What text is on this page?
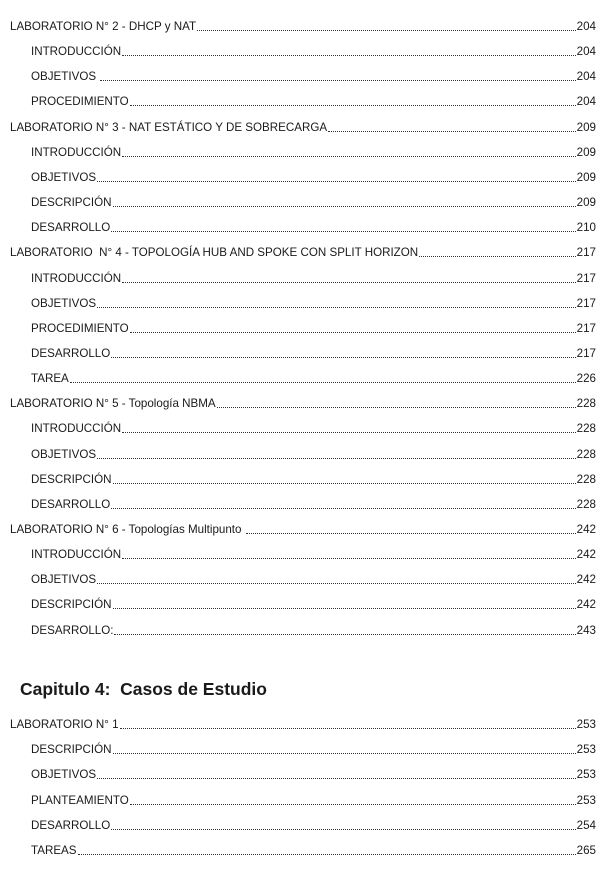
LABORATORIO N° 2 - DHCP y NAT	204
INTRODUCCIÓN	204
OBJETIVOS	204
PROCEDIMIENTO	204
LABORATORIO N° 3 - NAT ESTÁTICO Y DE SOBRECARGA	209
INTRODUCCIÓN	209
OBJETIVOS	209
DESCRIPCIÓN	209
DESARROLLO	210
LABORATORIO  N° 4 - TOPOLOGÍA HUB AND SPOKE CON SPLIT HORIZON	217
INTRODUCCIÓN	217
OBJETIVOS	217
PROCEDIMIENTO	217
DESARROLLO	217
TAREA	226
LABORATORIO N° 5 - Topología NBMA	228
INTRODUCCIÓN	228
OBJETIVOS	228
DESCRIPCIÓN	228
DESARROLLO	228
LABORATORIO N° 6 - Topologías Multipunto	242
INTRODUCCIÓN	242
OBJETIVOS	242
DESCRIPCIÓN	242
DESARROLLO:	243
Capitulo 4:  Casos de Estudio
LABORATORIO N° 1	253
DESCRIPCIÓN	253
OBJETIVOS	253
PLANTEAMIENTO	253
DESARROLLO	254
TAREAS	265
